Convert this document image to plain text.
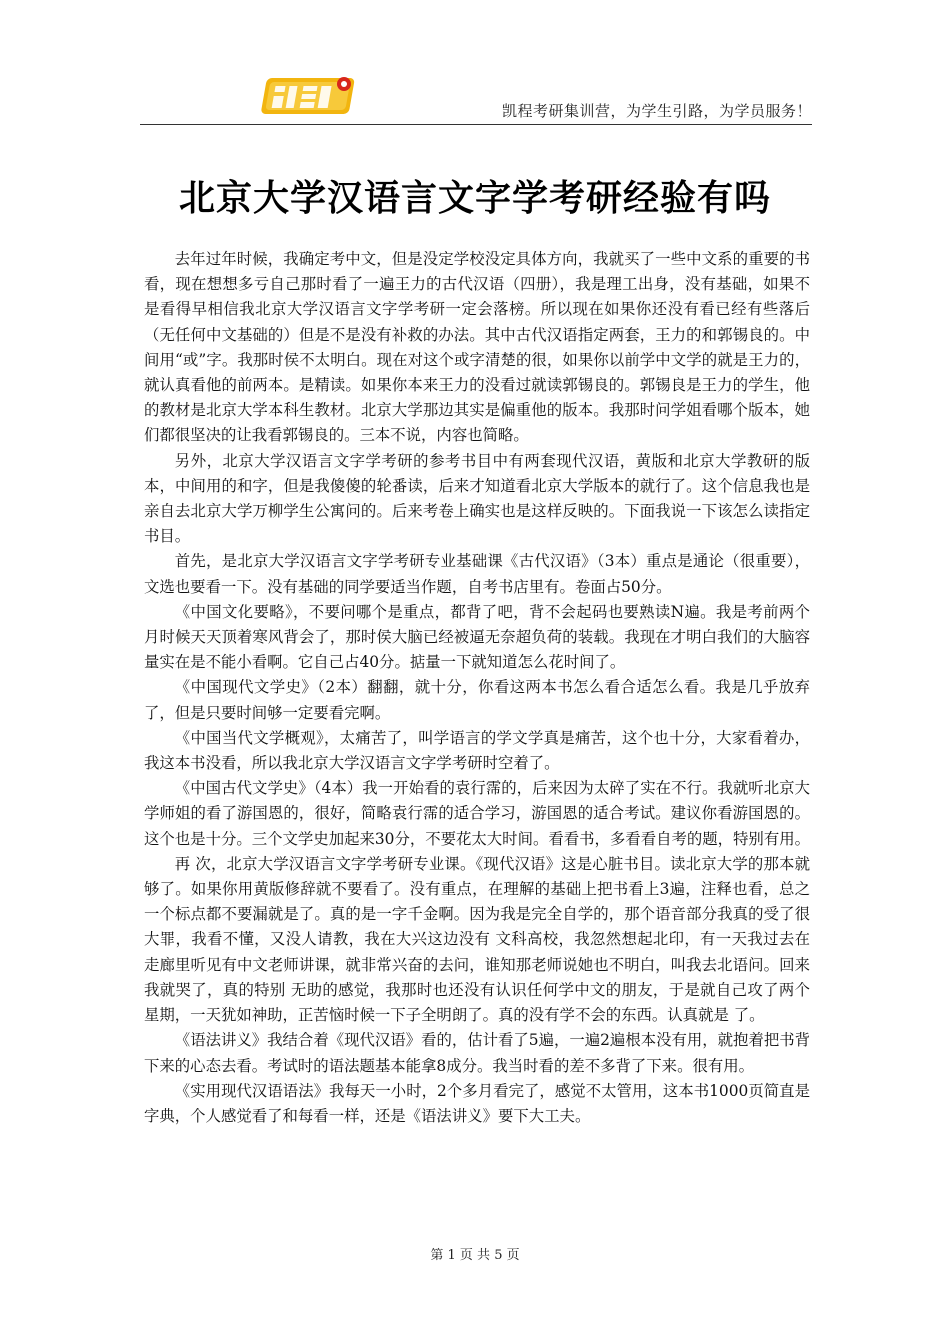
凯程考研集训营，为学生引路，为学员服务！
北京大学汉语言文字学考研经验有吗

去年过年时候，我确定考中文，但是没定学校没定具体方向，我就买了一些中文系的重要的书看，现在想想多亏自己那时看了一遍王力的古代汉语（四册），我是理工出身，没有基础，如果不是看得早相信我北京大学汉语言文字学考研一定会落榜。所以现在如果你还没有看已经有些落后（无任何中文基础的）但是不是没有补救的办法。其中古代汉语指定两套，王力的和郭锡良的。中间用“或”字。我那时侯不太明白。现在对这个或字清楚的很，如果你以前学中文学的就是王力的，就认真看他的前两本。是精读。如果你本来王力的没看过就读郭锡良的。郭锡良是王力的学生，他的教材是北京大学本科生教材。北京大学那边其实是偏重他的版本。我那时问学姐看哪个版本，她们都很坚决的让我看郭锡良的。三本不说，内容也简略。

另外，北京大学汉语言文字学考研的参考书目中有两套现代汉语，黄版和北京大学教研的版本，中间用的和字，但是我傻傻的轮番读，后来才知道看北京大学版本的就行了。这个信息我也是亲自去北京大学万柳学生公寓问的。后来考卷上确实也是这样反映的。下面我说一下该怎么读指定书目。

首先，是北京大学汉语言文字学考研专业基础课《古代汉语》（3本）重点是通论（很重要）， 文选也要看一下。没有基础的同学要适当作题，自考书店里有。卷面占50分。

《中国文化要略》，不要问哪个是重点，都背了吧，背不会起码也要熟读N遍。我是考前两个月时候天天顶着寒风背会了，那时侯大脑已经被逼无奈超负荷的装载。我现在才明白我们的大脑容量实在是不能小看啊。它自己占40分。掂量一下就知道怎么花时间了。

《中国现代文学史》（2本）翻翻，就十分，你看这两本书怎么看合适怎么看。我是几乎放弃了，但是只要时间够一定要看完啊。

《中国当代文学概观》，太痛苦了，叫学语言的学文学真是痛苦，这个也十分，大家看着办，我这本书没看，所以我北京大学汉语言文字学考研时空着了。

《中国古代文学史》（4本）我一开始看的袁行霈的，后来因为太碎了实在不行。我就听北京大学师姐的看了游国恩的，很好，简略袁行霈的适合学习，游国恩的适合考试。建议你看游国恩的。这个也是十分。三个文学史加起来30分，不要花太大时间。看看书，多看看自考的题，特别有用。

再 次，北京大学汉语言文字学考研专业课。《现代汉语》这是心脏书目。读北京大学的那本就够了。如果你用黄版修辞就不要看了。没有重点，在理解的基础上把书看上3遍，注释也看，总之一个标点都不要漏就是了。真的是一字千金啊。因为我是完全自学的，那个语音部分我真的受了很大罪，我看不懂，又没人请教，我在大兴这边没有 文科高校，我忽然想起北印，有一天我过去在走廊里听见有中文老师讲课，就非常兴奋的去问，谁知那老师说她也不明白，叫我去北语问。回来我就哭了，真的特别 无助的感觉，我那时也还没有认识任何学中文的朋友，于是就自己攻了两个星期，一天犹如神助，正苦恼时候一下子全明朗了。真的没有学不会的东西。认真就是 了。

《语法讲义》我结合着《现代汉语》看的，估计看了5遍，一遍2遍根本没有用，就抱着把书背下来的心态去看。考试时的语法题基本能拿8成分。我当时看的差不多背了下来。很有用。

《实用现代汉语语法》我每天一小时，2个多月看完了，感觉不太管用，这本书1000页简直是字典，个人感觉看了和每看一样，还是《语法讲义》要下大工夫。

第 1 页 共 5 页
